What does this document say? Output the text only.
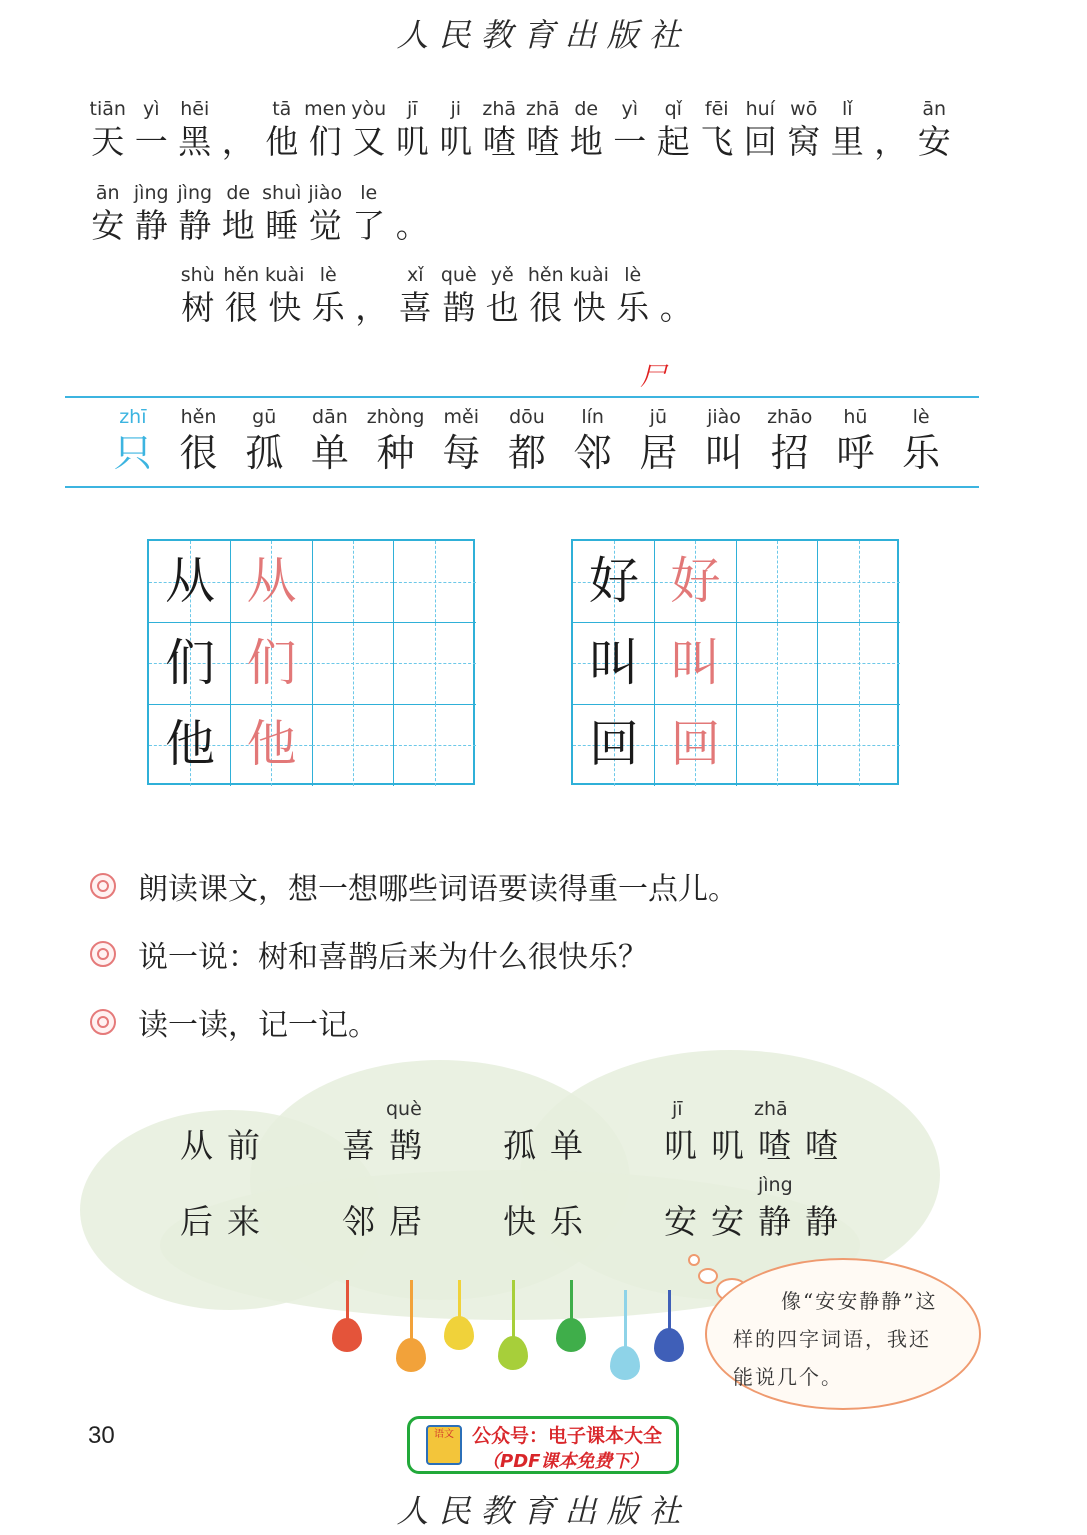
人民教育出版社
tiān
天
yì
一
hēi
黑 ，
tā
他
men
们
yòu
又
jī
叽
ji
叽
zhā
喳
zhā
喳
de
地
yì
一
qǐ
起
fēi
飞
huí
回
wō
窝
lǐ
里 ，
ān
安
ān
安
jìng
静
jìng
静
de
地
shuì
睡
jiào
觉
le
了 。
shù
树
hěn
很
kuài
快
lè
乐 ，
xǐ
喜
què
鹊
yě
也
hěn
很
kuài
快
lè
乐 。
尸
zhī
只
hěn
很
gū
孤
dān
单
zhòng
种
měi
每
dōu
都
lín
邻
jū
居
jiào
叫
zhāo
招
hū
呼
lè
乐
从 从
们 们
他 他
好 好
叫 叫
回 回
朗读课文，想一想哪些词语要读得重一点儿。
说一说：树和喜鹊后来为什么很快乐？
读一读，记一记。
从前
què
喜鹊 孤单
jī	zhā
叽叽喳喳
后来 邻居 快乐
jìng
安安静静
像“安安静静”这样的四字词语，我还能说几个。
30	语文 公众号：电子课本大全
（PDF课本免费下）
人民教育出版社
